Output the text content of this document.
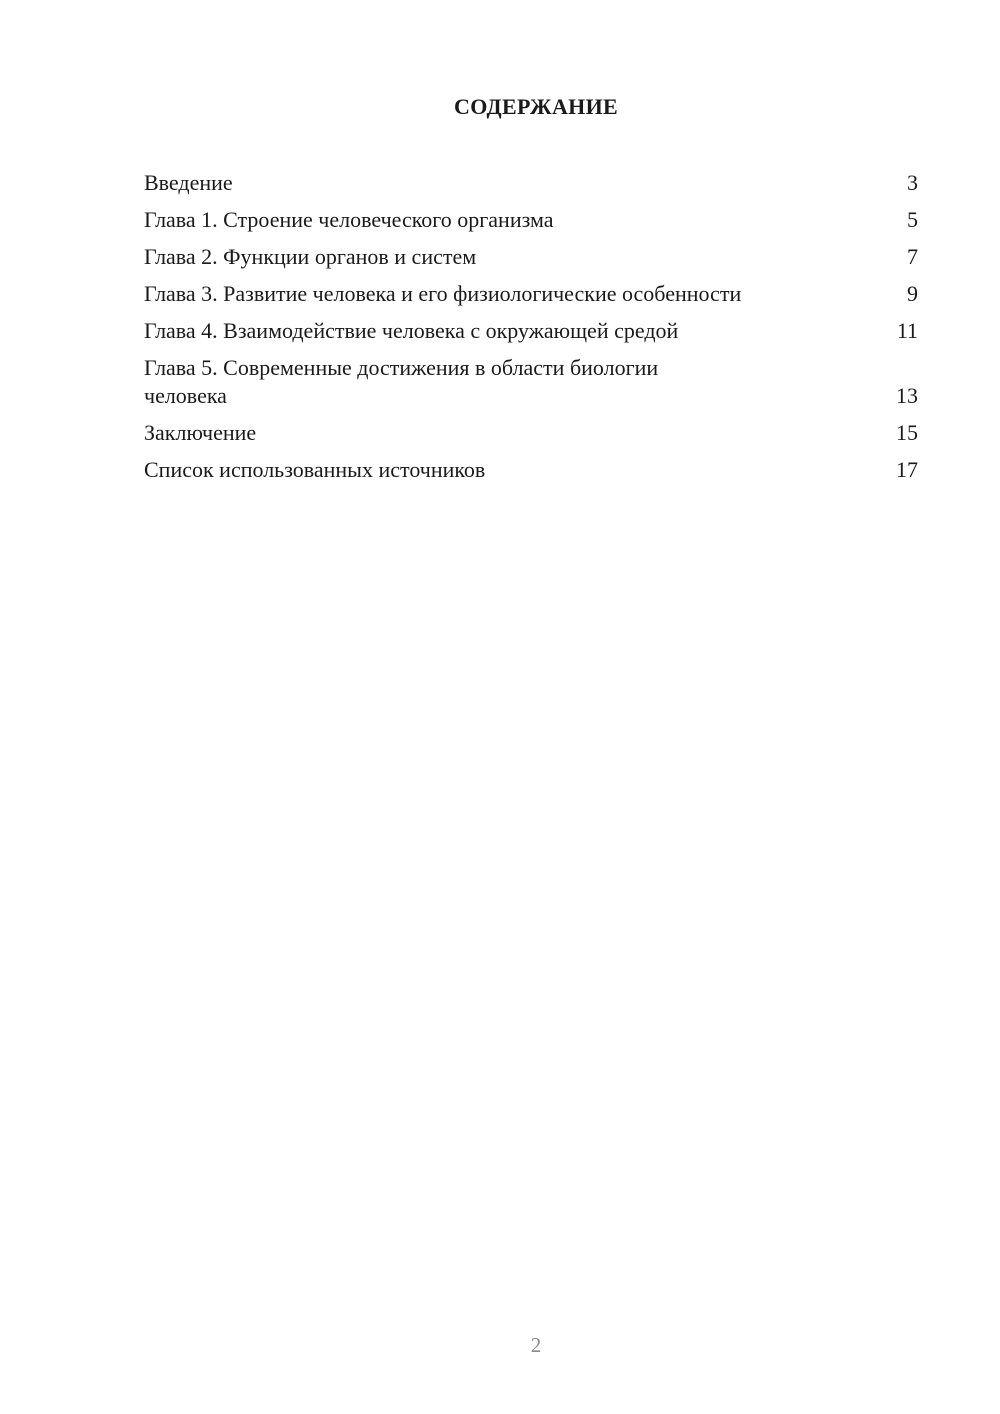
СОДЕРЖАНИЕ
Введение	3
Глава 1. Строение человеческого организма	5
Глава 2. Функции органов и систем	7
Глава 3. Развитие человека и его физиологические особенности	9
Глава 4. Взаимодействие человека с окружающей средой	11
Глава 5. Современные достижения в области биологии человека	13
Заключение	15
Список использованных источников	17
2
